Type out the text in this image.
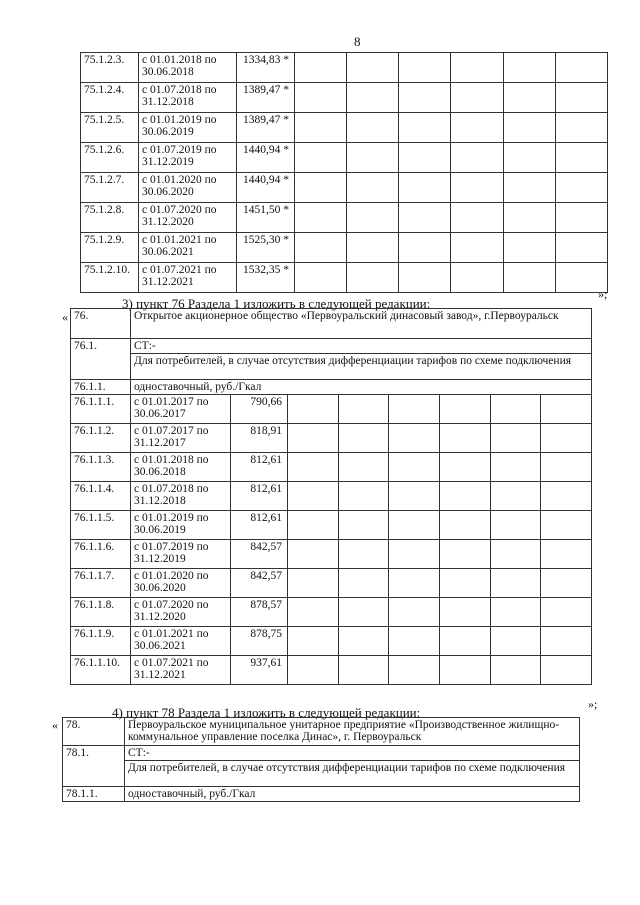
8
75.1.2.3.	с 01.01.2018 по 30.06.2018	1334,83 *						
75.1.2.4.	с 01.07.2018 по 31.12.2018	1389,47 *						
75.1.2.5.	с 01.01.2019 по 30.06.2019	1389,47 *						
75.1.2.6.	с 01.07.2019 по 31.12.2019	1440,94 *						
75.1.2.7.	с 01.01.2020 по 30.06.2020	1440,94 *						
75.1.2.8.	с 01.07.2020 по 31.12.2020	1451,50 *						
75.1.2.9.	с 01.01.2021 по 30.06.2021	1525,30 *						
75.1.2.10.	с 01.07.2021 по 31.12.2021	1532,35 *						
»;
3) пункт 76 Раздела 1 изложить в следующей редакции:
« 76.	Открытое акционерное общество «Первоуральский динасовый завод», г.Первоуральск							
76.1.	СТ:-							
	Для потребителей, в случае отсутствия дифференциации тарифов по схеме подключения							
76.1.1.	одноставочный, руб./Гкал							
76.1.1.1.	с 01.01.2017 по 30.06.2017	790,66						
76.1.1.2.	с 01.07.2017 по 31.12.2017	818,91						
76.1.1.3.	с 01.01.2018 по 30.06.2018	812,61						
76.1.1.4.	с 01.07.2018 по 31.12.2018	812,61						
76.1.1.5.	с 01.01.2019 по 30.06.2019	812,61						
76.1.1.6.	с 01.07.2019 по 31.12.2019	842,57						
76.1.1.7.	с 01.01.2020 по 30.06.2020	842,57						
76.1.1.8.	с 01.07.2020 по 31.12.2020	878,57						
76.1.1.9.	с 01.01.2021 по 30.06.2021	878,75						
76.1.1.10.	с 01.07.2021 по 31.12.2021	937,61						
»;
4) пункт 78 Раздела 1 изложить в следующей редакции:
« 78.	Первоуральское муниципальное унитарное предприятие «Производственное жилищно-коммунальное управление поселка Динас», г. Первоуральск
78.1.	СТ:-
	Для потребителей, в случае отсутствия дифференциации тарифов по схеме подключения
78.1.1.	одноставочный, руб./Гкал
